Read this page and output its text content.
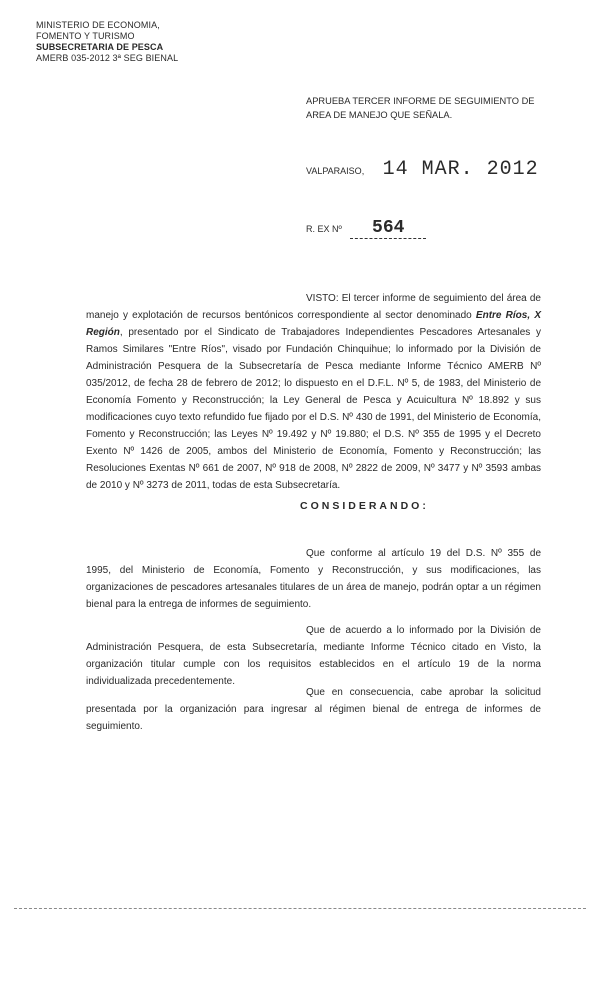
MINISTERIO DE ECONOMIA,
FOMENTO Y TURISMO
SUBSECRETARIA DE PESCA
AMERB 035-2012 3ª SEG BIENAL
APRUEBA TERCER INFORME DE SEGUIMIENTO DE AREA DE MANEJO QUE SEÑALA.
VALPARAISO, 14 MAR. 2012
R. EX Nº 564
VISTO: El tercer informe de seguimiento del área de manejo y explotación de recursos bentónicos correspondiente al sector denominado Entre Ríos, X Región, presentado por el Sindicato de Trabajadores Independientes Pescadores Artesanales y Ramos Similares "Entre Ríos", visado por Fundación Chinquihue; lo informado por la División de Administración Pesquera de la Subsecretaría de Pesca mediante Informe Técnico AMERB Nº 035/2012, de fecha 28 de febrero de 2012; lo dispuesto en el D.F.L. Nº 5, de 1983, del Ministerio de Economía Fomento y Reconstrucción; la Ley General de Pesca y Acuicultura Nº 18.892 y sus modificaciones cuyo texto refundido fue fijado por el D.S. Nº 430 de 1991, del Ministerio de Economía, Fomento y Reconstrucción; las Leyes Nº 19.492 y Nº 19.880; el D.S. Nº 355 de 1995 y el Decreto Exento Nº 1426 de 2005, ambos del Ministerio de Economía, Fomento y Reconstrucción; las Resoluciones Exentas Nº 661 de 2007, Nº 918 de 2008, Nº 2822 de 2009, Nº 3477 y Nº 3593 ambas de 2010 y Nº 3273 de 2011, todas de esta Subsecretaría.
CONSIDERANDO:
Que conforme al artículo 19 del D.S. Nº 355 de 1995, del Ministerio de Economía, Fomento y Reconstrucción, y sus modificaciones, las organizaciones de pescadores artesanales titulares de un área de manejo, podrán optar a un régimen bienal para la entrega de informes de seguimiento.
Que de acuerdo a lo informado por la División de Administración Pesquera, de esta Subsecretaría, mediante Informe Técnico citado en Visto, la organización titular cumple con los requisitos establecidos en el artículo 19 de la norma individualizada precedentemente.
Que en consecuencia, cabe aprobar la solicitud presentada por la organización para ingresar al régimen bienal de entrega de informes de seguimiento.
